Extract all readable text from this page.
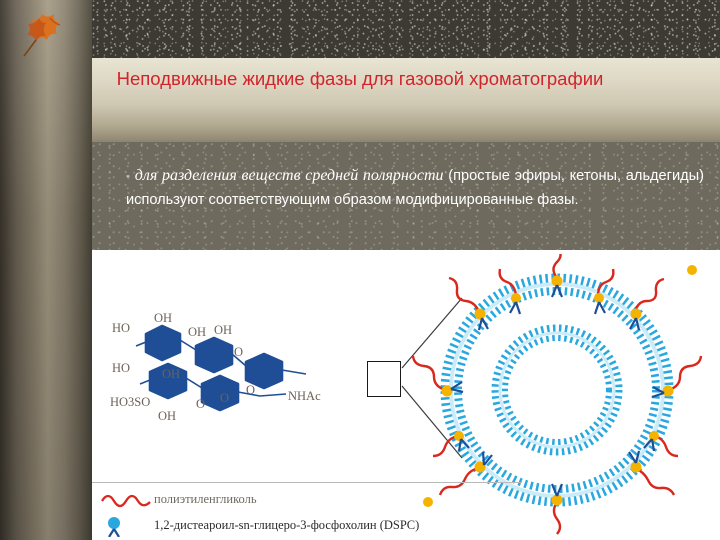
Неподвижные жидкие фазы для газовой хроматографии
- для разделения веществ средней полярности (простые эфиры, кетоны, альдегиды) используют соответствующим образом модифицированные фазы.
HO
OH
OH OH
HO	OH
O
O
O
O
HO3SO
OH
NHAc
полиэтиленгликоль
1,2-дистеароил-sn-глицеро-3-фосфохолин (DSPC)
